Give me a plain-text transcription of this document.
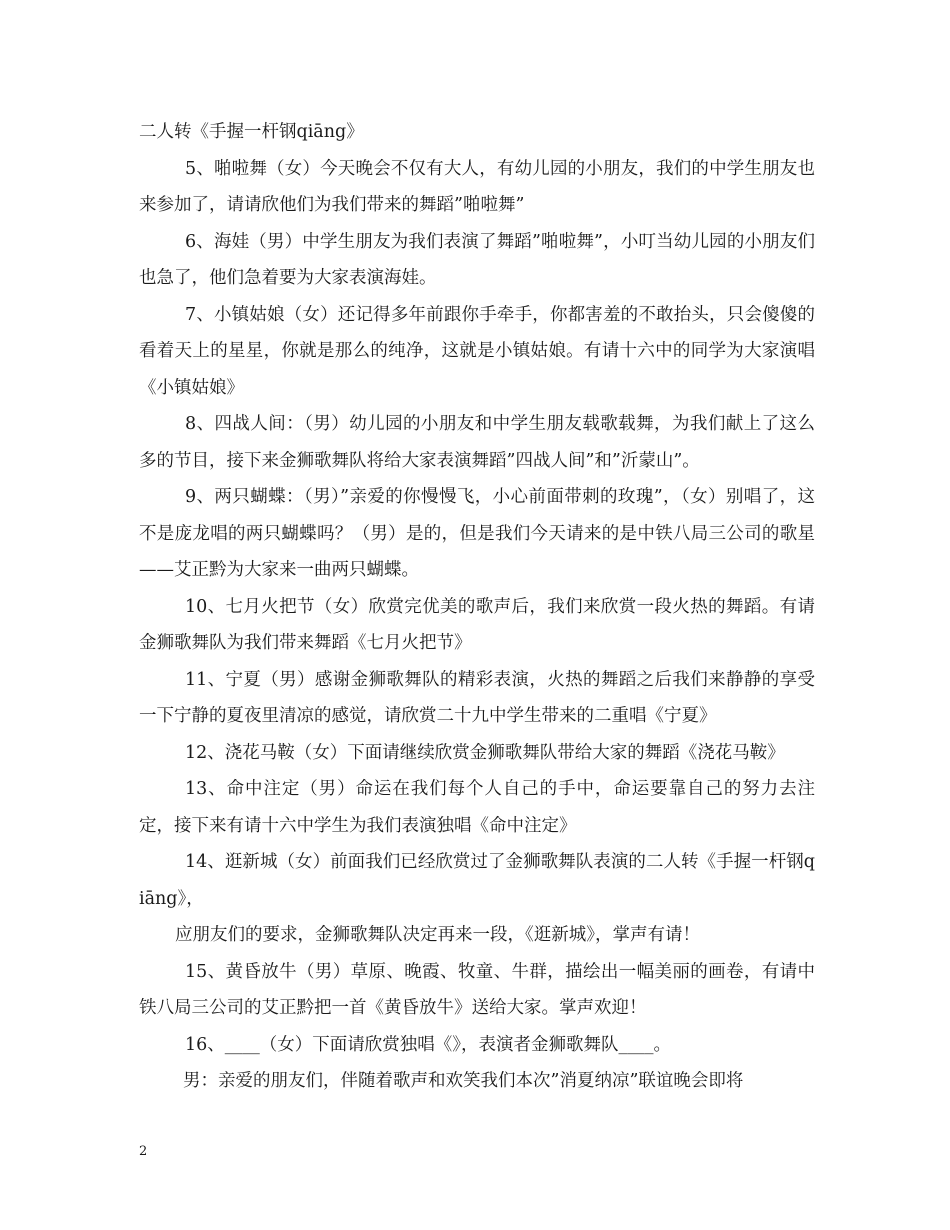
二人转《手握一杆钢qiāng》

5、啪啦舞（女）今天晚会不仅有大人，有幼儿园的小朋友，我们的中学生朋友也来参加了，请请欣他们为我们带来的舞蹈”啪啦舞”

6、海娃（男）中学生朋友为我们表演了舞蹈”啪啦舞”，小叮当幼儿园的小朋友们也急了，他们急着要为大家表演海娃。

7、小镇姑娘（女）还记得多年前跟你手牵手，你都害羞的不敢抬头，只会傻傻的看着天上的星星，你就是那么的纯净，这就是小镇姑娘。有请十六中的同学为大家演唱《小镇姑娘》

8、四战人间：（男）幼儿园的小朋友和中学生朋友载歌载舞，为我们献上了这么多的节目，接下来金狮歌舞队将给大家表演舞蹈”四战人间”和”沂蒙山”。

9、两只蝴蝶：（男）”亲爱的你慢慢飞，小心前面带刺的玫瑰”，（女）别唱了，这不是庞龙唱的两只蝴蝶吗？（男）是的，但是我们今天请来的是中铁八局三公司的歌星——艾正黔为大家来一曲两只蝴蝶。

10、七月火把节（女）欣赏完优美的歌声后，我们来欣赏一段火热的舞蹈。有请金狮歌舞队为我们带来舞蹈《七月火把节》

11、宁夏（男）感谢金狮歌舞队的精彩表演，火热的舞蹈之后我们来静静的享受一下宁静的夏夜里清凉的感觉，请欣赏二十九中学生带来的二重唱《宁夏》

12、浇花马鞍（女）下面请继续欣赏金狮歌舞队带给大家的舞蹈《浇花马鞍》

13、命中注定（男）命运在我们每个人自己的手中，命运要靠自己的努力去注定，接下来有请十六中学生为我们表演独唱《命中注定》

14、逛新城（女）前面我们已经欣赏过了金狮歌舞队表演的二人转《手握一杆钢qiāng》，

应朋友们的要求，金狮歌舞队决定再来一段，《逛新城》，掌声有请！

15、黄昏放牛（男）草原、晚霞、牧童、牛群，描绘出一幅美丽的画卷，有请中铁八局三公司的艾正黔把一首《黄昏放牛》送给大家。掌声欢迎！

16、____（女）下面请欣赏独唱《》，表演者金狮歌舞队____。

男：亲爱的朋友们，伴随着歌声和欢笑我们本次”消夏纳凉”联谊晚会即将

2
